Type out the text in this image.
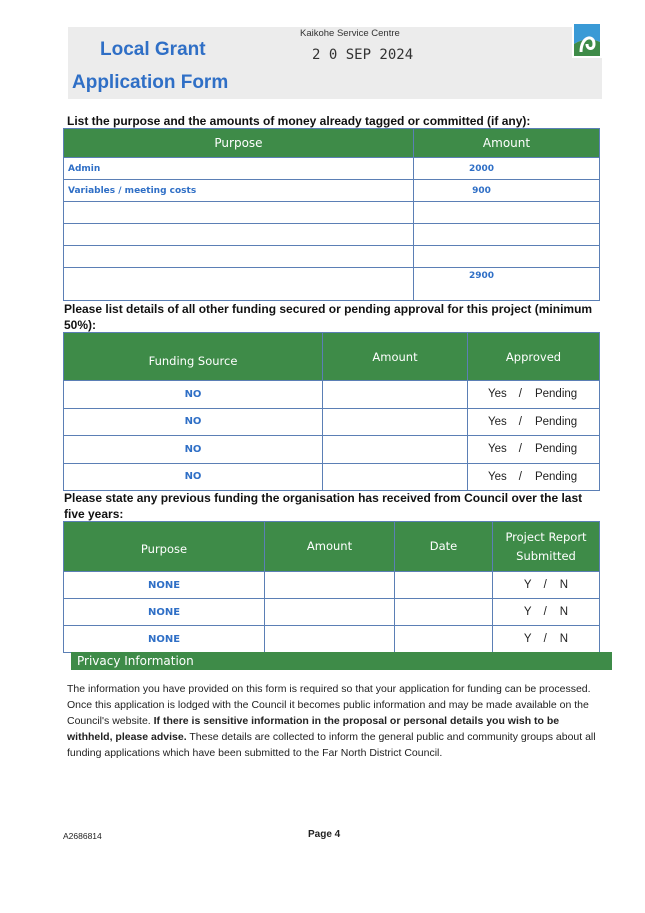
Local Grant
Application Form
Kaikohe Service Centre
2 0 SEP 2024
List the purpose and the amounts of money already tagged or committed (if any):
Purpose	Amount
Admin	2000
Variables / meeting costs	900

	2900
Please list details of all other funding secured or pending approval for this project (minimum 50%):
Funding Source	Amount	Approved
NO		Yes / Pending
NO		Yes / Pending
NO		Yes / Pending
NO		Yes / Pending
Please state any previous funding the organisation has received from Council over the last five years:
Purpose	Amount	Date	Project Report Submitted
NONE			Y / N
NONE			Y / N
NONE			Y / N
Privacy Information
The information you have provided on this form is required so that your application for funding can be processed. Once this application is lodged with the Council it becomes public information and may be made available on the Council's website. If there is sensitive information in the proposal or personal details you wish to be withheld, please advise. These details are collected to inform the general public and community groups about all funding applications which have been submitted to the Far North District Council.
A2686814	Page 4
